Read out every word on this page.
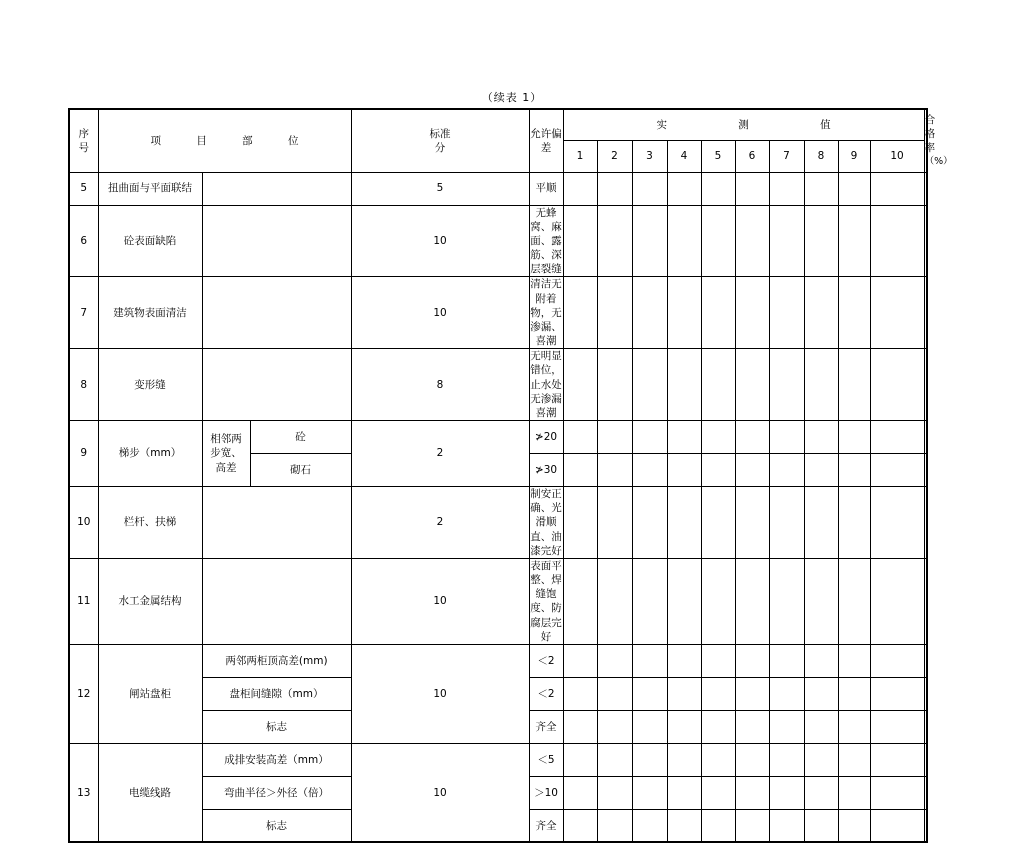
（续表 1）
序
号	项 目 部 位			标准
分	允许偏差	实 测 值										合格率
（%）

						1	2	3	4	5	6	7	8	9	10	
5	扭曲面与平面联结			5	平顺											
6	砼表面缺陷			10	无蜂窝、麻面、露筋、深层裂缝											
7	建筑物表面清洁			10	清洁无附着物，无渗漏、喜潮											
8	变形缝			8	无明显错位，止水处无渗漏喜潮											
9	梯步（mm）	相邻两
步宽、
高差	砼	2	≯20											
			砌石		≯30											
10	栏杆、扶梯			2	制安正确、光滑顺直、油漆完好											
11	水工金属结构			10	表面平整、焊缝饱度、防腐层完好											
12	闸站盘柜	两邻两柜顶高差(mm)		10	＜2											
		盘柜间缝隙（mm）			＜2											
		标志			齐全											
13	电缆线路	成排安装高差（mm）		10	＜5											
		弯曲半径＞外径（倍）			＞10											
		标志			齐全											
